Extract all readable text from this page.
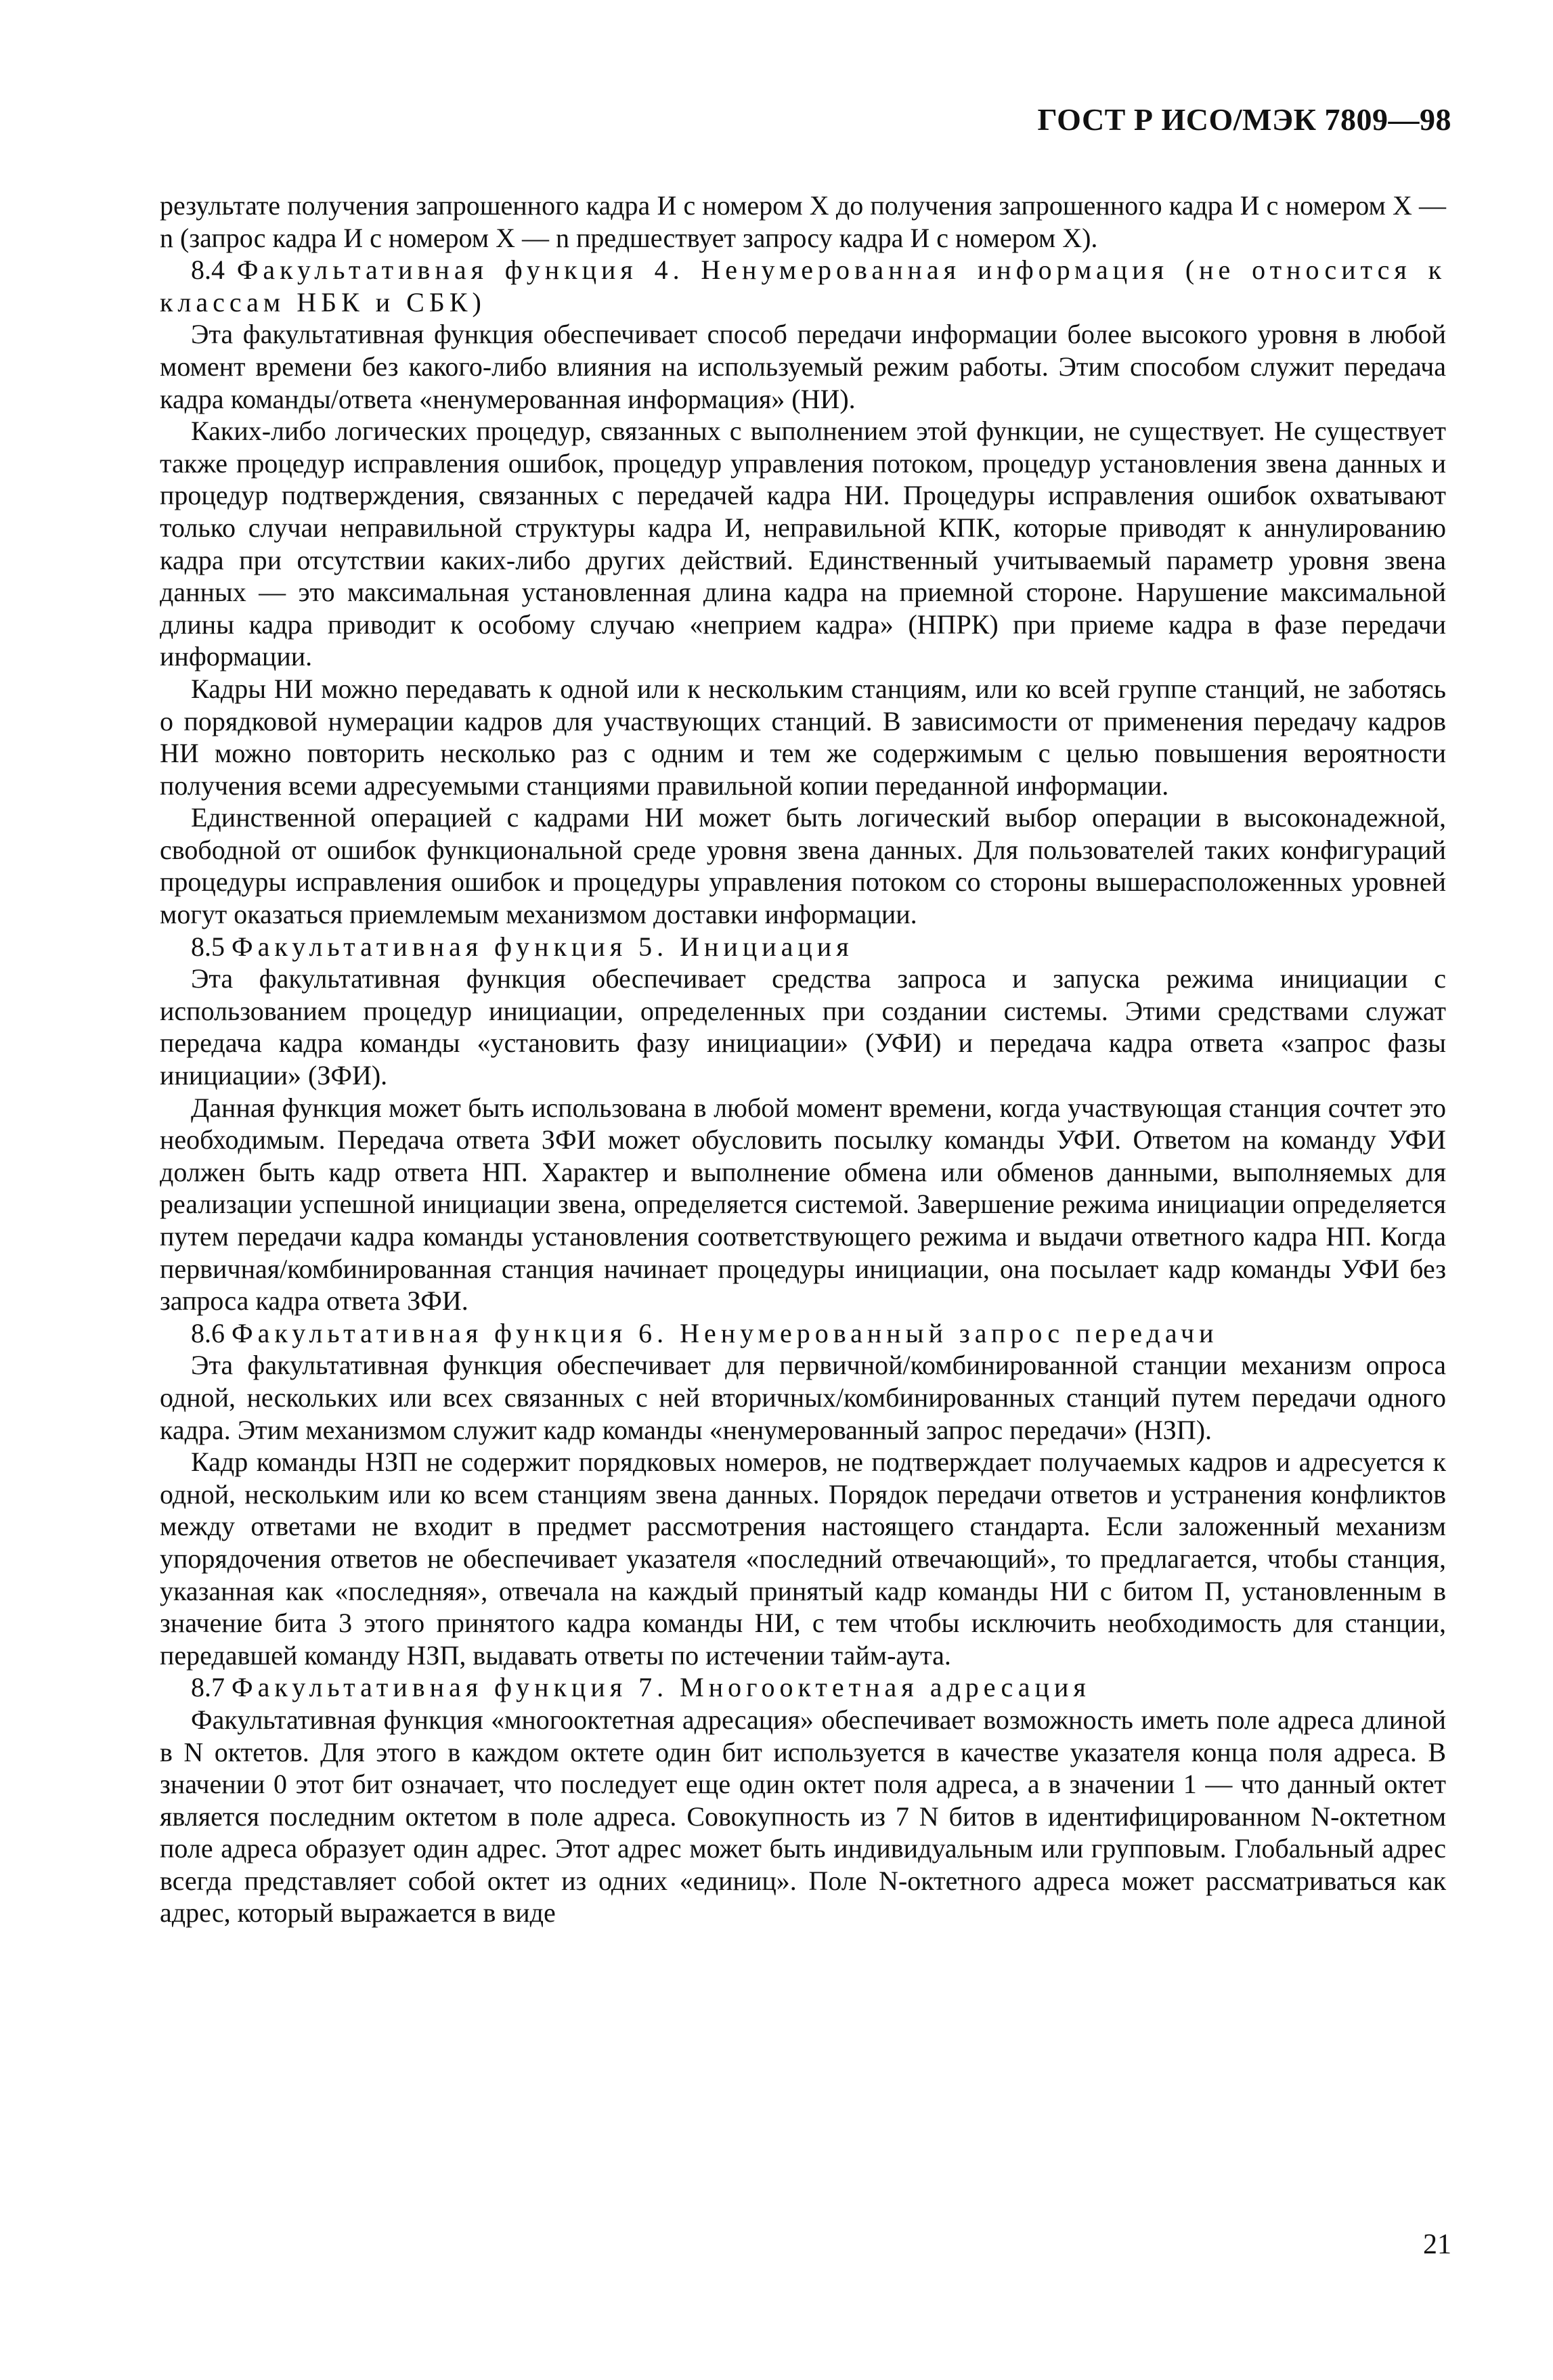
ГОСТ Р ИСО/МЭК 7809—98

результате получения запрошенного кадра И с номером X до получения запрошенного кадра И с номером X — n (запрос кадра И с номером X — n предшествует запросу кадра И с номером X).

8.4 Факультативная функция 4. Ненумерованная информация (не относится к классам НБК и СБК)

Эта факультативная функция обеспечивает способ передачи информации более высокого уровня в любой момент времени без какого-либо влияния на используемый режим работы. Этим способом служит передача кадра команды/ответа «ненумерованная информация» (НИ).

Каких-либо логических процедур, связанных с выполнением этой функции, не существует. Не существует также процедур исправления ошибок, процедур управления потоком, процедур установления звена данных и процедур подтверждения, связанных с передачей кадра НИ. Процедуры исправления ошибок охватывают только случаи неправильной структуры кадра И, неправильной КПК, которые приводят к аннулированию кадра при отсутствии каких-либо других действий. Единственный учитываемый параметр уровня звена данных — это максимальная установленная длина кадра на приемной стороне. Нарушение максимальной длины кадра приводит к особому случаю «неприем кадра» (НПРК) при приеме кадра в фазе передачи информации.

Кадры НИ можно передавать к одной или к нескольким станциям, или ко всей группе станций, не заботясь о порядковой нумерации кадров для участвующих станций. В зависимости от применения передачу кадров НИ можно повторить несколько раз с одним и тем же содержимым с целью повышения вероятности получения всеми адресуемыми станциями правильной копии переданной информации.

Единственной операцией с кадрами НИ может быть логический выбор операции в высоконадежной, свободной от ошибок функциональной среде уровня звена данных. Для пользователей таких конфигураций процедуры исправления ошибок и процедуры управления потоком со стороны вышерасположенных уровней могут оказаться приемлемым механизмом доставки информации.

8.5 Факультативная функция 5. Инициация

Эта факультативная функция обеспечивает средства запроса и запуска режима инициации с использованием процедур инициации, определенных при создании системы. Этими средствами служат передача кадра команды «установить фазу инициации» (УФИ) и передача кадра ответа «запрос фазы инициации» (ЗФИ).

Данная функция может быть использована в любой момент времени, когда участвующая станция сочтет это необходимым. Передача ответа ЗФИ может обусловить посылку команды УФИ. Ответом на команду УФИ должен быть кадр ответа НП. Характер и выполнение обмена или обменов данными, выполняемых для реализации успешной инициации звена, определяется системой. Завершение режима инициации определяется путем передачи кадра команды установления соответствующего режима и выдачи ответного кадра НП. Когда первичная/комбинированная станция начинает процедуры инициации, она посылает кадр команды УФИ без запроса кадра ответа ЗФИ.

8.6 Факультативная функция 6. Ненумерованный запрос передачи

Эта факультативная функция обеспечивает для первичной/комбинированной станции механизм опроса одной, нескольких или всех связанных с ней вторичных/комбинированных станций путем передачи одного кадра. Этим механизмом служит кадр команды «ненумерованный запрос передачи» (НЗП).

Кадр команды НЗП не содержит порядковых номеров, не подтверждает получаемых кадров и адресуется к одной, нескольким или ко всем станциям звена данных. Порядок передачи ответов и устранения конфликтов между ответами не входит в предмет рассмотрения настоящего стандарта. Если заложенный механизм упорядочения ответов не обеспечивает указателя «последний отвечающий», то предлагается, чтобы станция, указанная как «последняя», отвечала на каждый принятый кадр команды НИ с битом П, установленным в значение бита 3 этого принятого кадра команды НИ, с тем чтобы исключить необходимость для станции, передавшей команду НЗП, выдавать ответы по истечении тайм-аута.

8.7 Факультативная функция 7. Многооктетная адресация

Факультативная функция «многооктетная адресация» обеспечивает возможность иметь поле адреса длиной в N октетов. Для этого в каждом октете один бит используется в качестве указателя конца поля адреса. В значении 0 этот бит означает, что последует еще один октет поля адреса, а в значении 1 — что данный октет является последним октетом в поле адреса. Совокупность из 7 N битов в идентифицированном N-октетном поле адреса образует один адрес. Этот адрес может быть индивидуальным или групповым. Глобальный адрес всегда представляет собой октет из одних «единиц». Поле N-октетного адреса может рассматриваться как адрес, который выражается в виде

21
